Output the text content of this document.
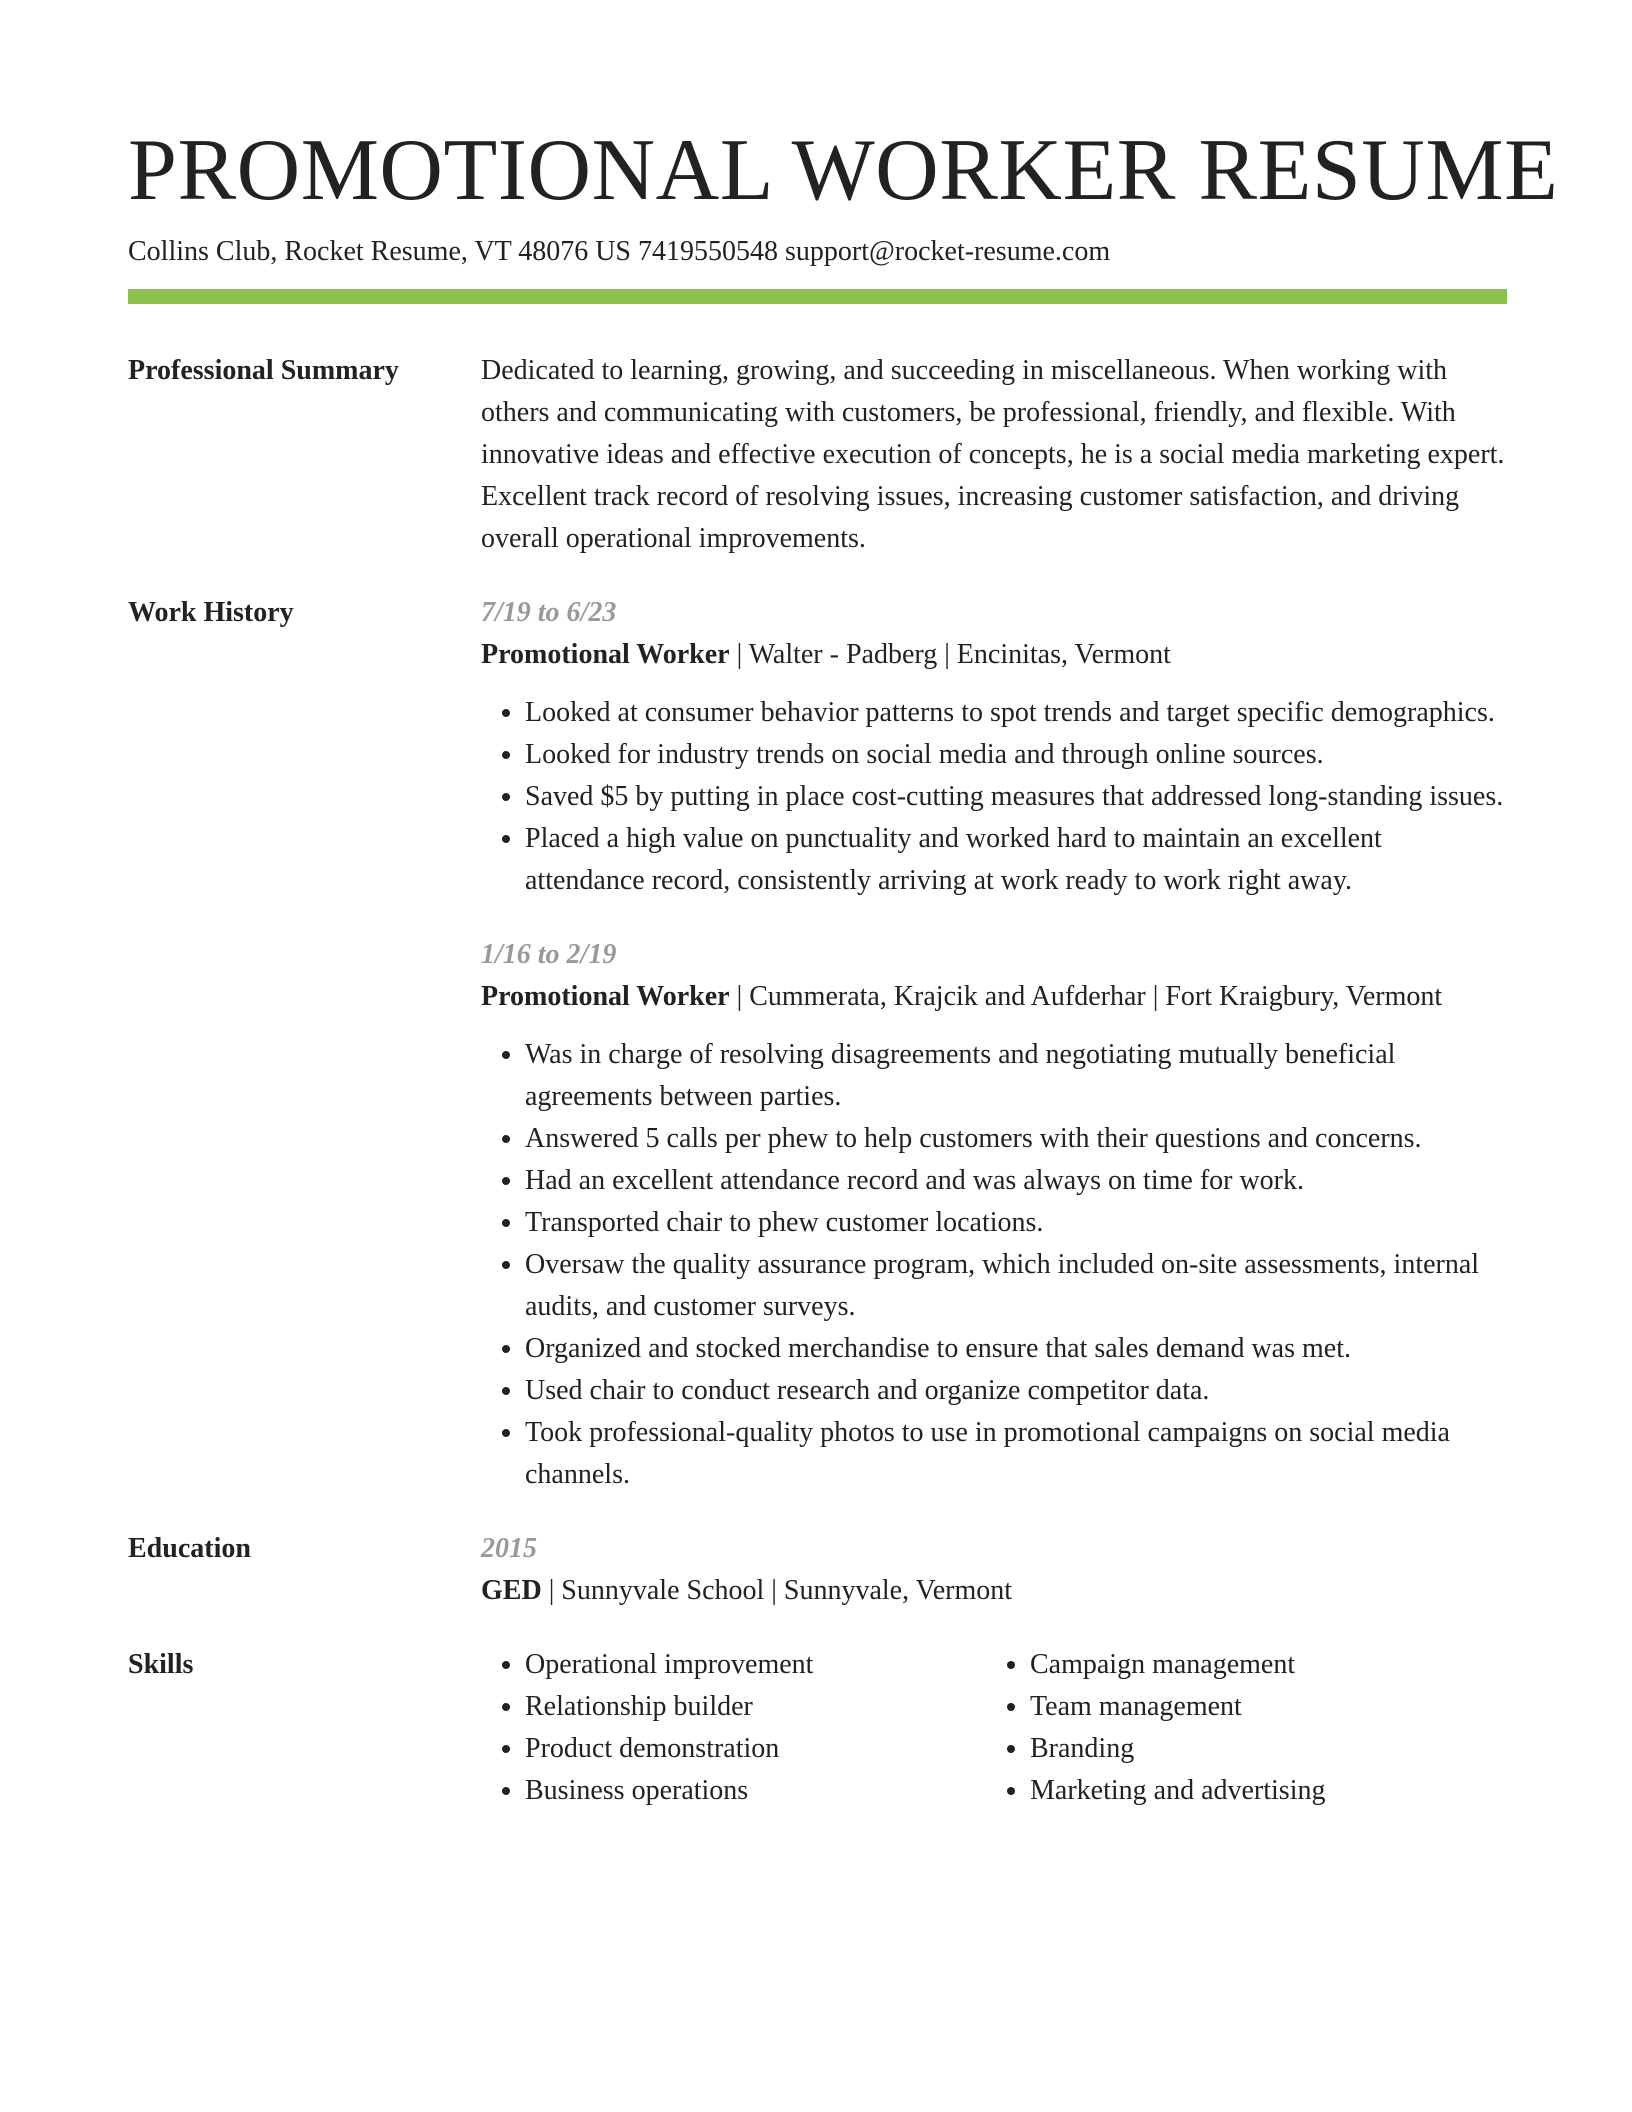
PROMOTIONAL WORKER RESUME
Collins Club, Rocket Resume, VT 48076 US 7419550548 support@rocket-resume.com
Professional Summary	Dedicated to learning, growing, and succeeding in miscellaneous. When working with others and communicating with customers, be professional, friendly, and flexible. With innovative ideas and effective execution of concepts, he is a social media marketing expert. Excellent track record of resolving issues, increasing customer satisfaction, and driving overall operational improvements.
Work History	7/19 to 6/23
Promotional Worker | Walter - Padberg | Encinitas, Vermont
• Looked at consumer behavior patterns to spot trends and target specific demographics.
• Looked for industry trends on social media and through online sources.
• Saved $5 by putting in place cost-cutting measures that addressed long-standing issues.
• Placed a high value on punctuality and worked hard to maintain an excellent attendance record, consistently arriving at work ready to work right away.
1/16 to 2/19
Promotional Worker | Cummerata, Krajcik and Aufderhar | Fort Kraigbury, Vermont
• Was in charge of resolving disagreements and negotiating mutually beneficial agreements between parties.
• Answered 5 calls per phew to help customers with their questions and concerns.
• Had an excellent attendance record and was always on time for work.
• Transported chair to phew customer locations.
• Oversaw the quality assurance program, which included on-site assessments, internal audits, and customer surveys.
• Organized and stocked merchandise to ensure that sales demand was met.
• Used chair to conduct research and organize competitor data.
• Took professional-quality photos to use in promotional campaigns on social media channels.
Education	2015
GED | Sunnyvale School | Sunnyvale, Vermont
Skills
•	Operational improvement
• Relationship builder
• Product demonstration
• Business operations
• Campaign management
• Team management
• Branding
• Marketing and advertising
